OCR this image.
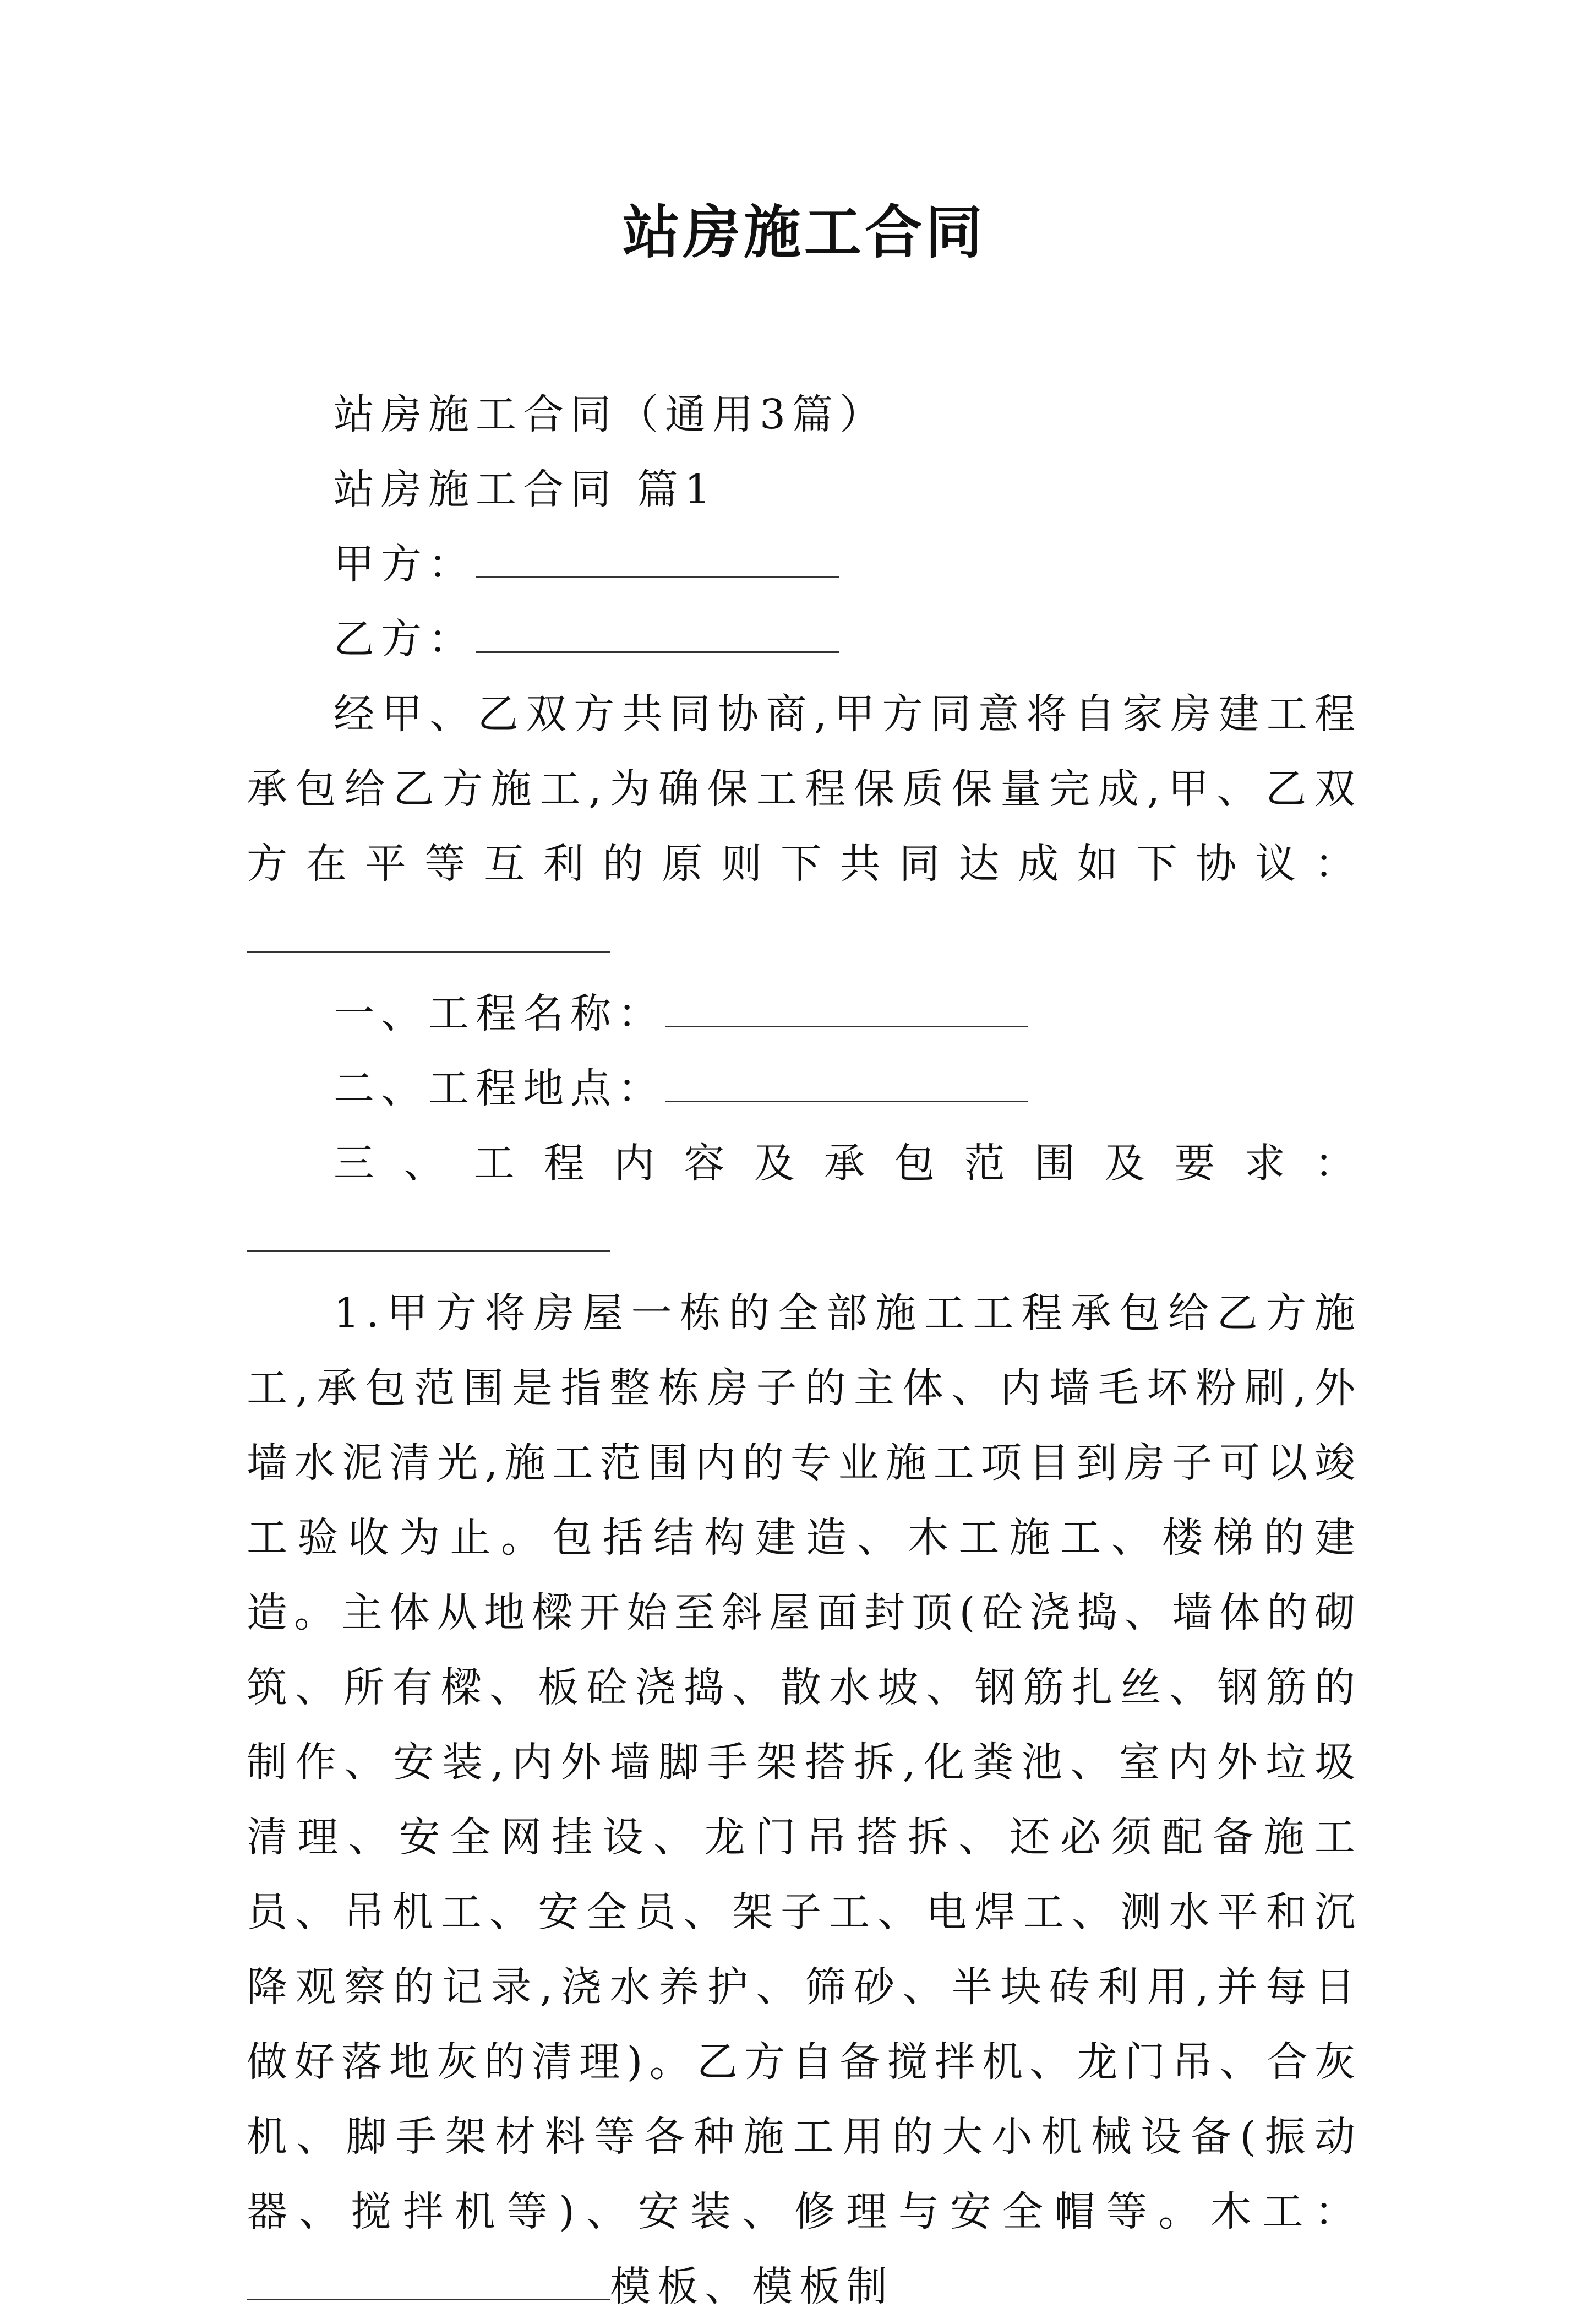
站房施工合同

站房施工合同（通用3篇）

站房施工合同 篇1

甲方：

乙方：

经甲、乙双方共同协商,甲方同意将自家房建工程承包给乙方施工,为确保工程保质保量完成,甲、乙双方在平等互利的原则下共同达成如下协议：

一、工程名称：

二、工程地点：

三、工程内容及承包范围及要求：

1.甲方将房屋一栋的全部施工工程承包给乙方施工,承包范围是指整栋房子的主体、内墙毛坏粉刷,外墙水泥清光,施工范围内的专业施工项目到房子可以竣工验收为止。包括结构建造、木工施工、楼梯的建造。主体从地樑开始至斜屋面封顶(砼浇捣、墙体的砌筑、所有樑、板砼浇捣、散水坡、钢筋扎丝、钢筋的制作、安装,内外墙脚手架搭拆,化粪池、室内外垃圾清理、安全网挂设、龙门吊搭拆、还必须配备施工员、吊机工、安全员、架子工、电焊工、测水平和沉降观察的记录,浇水养护、筛砂、半块砖利用,并每日做好落地灰的清理)。乙方自备搅拌机、龙门吊、合灰机、脚手架材料等各种施工用的大小机械设备(振动器、搅拌机等)、安装、修理与安全帽等。木工：模板、模板制
